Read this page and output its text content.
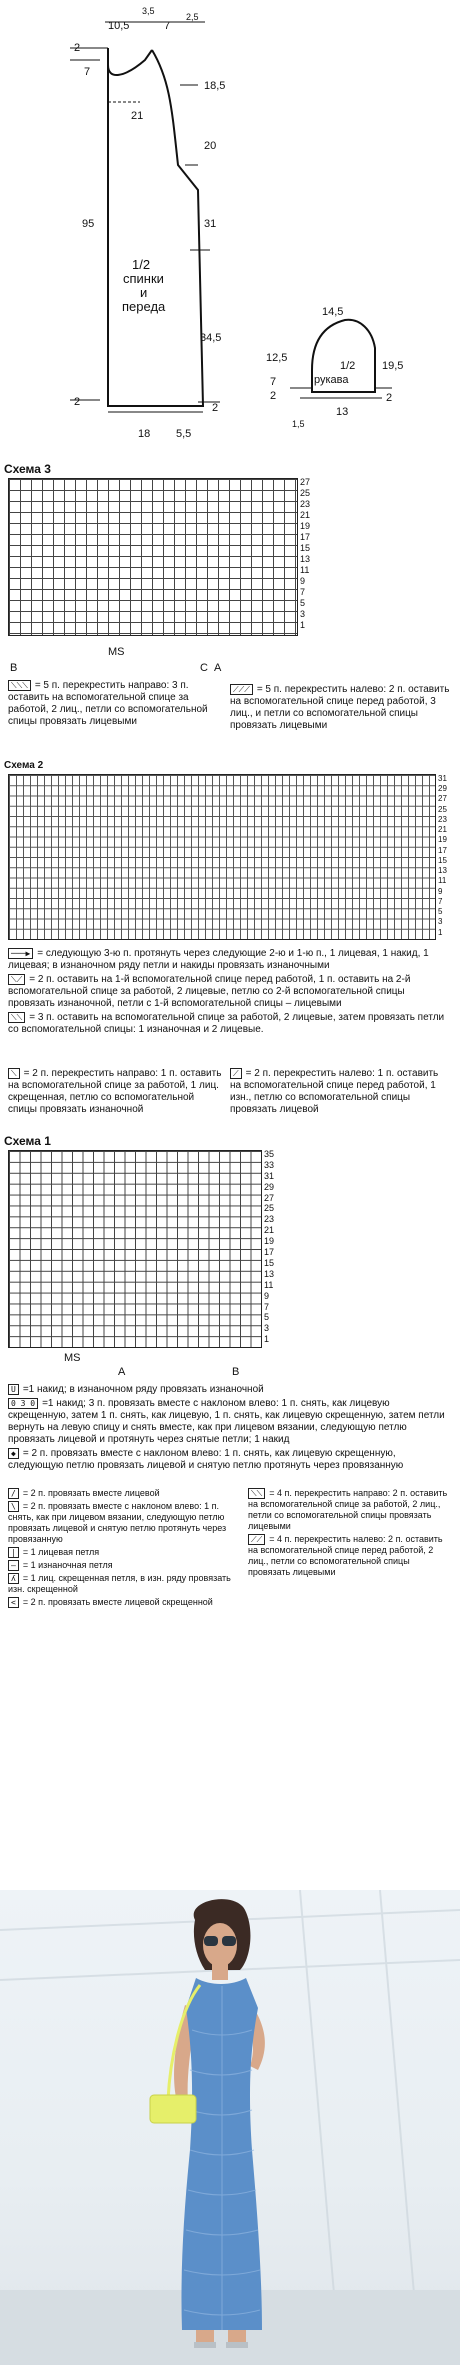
10,5
3,5
7
2,5
2
7
95
2
21
18,5
20
31
34,5
2
1/2
спинки
и
переда
18 5,5
14,5
12,5
7
2
19,5
2
1/2
рукава
1,5
13
Схема 3
27
25
23
21
19
17
15
13
11
9
7
5
3
1
MS
B	C A

⟍⟍⟍ = 5 п. перекрестить направо: 3 п. оставить на вспомогательной спице за работой, 2 лиц., петли со вспомогательной спицы провязать лицевыми

⟋⟋⟋ = 5 п. перекрестить налево: 2 п. оставить на вспомогательной спице перед работой, 3 лиц., и петли со вспомогательной спицы провязать лицевыми

Схема 2
31
29
27
25
23
21
19
17
15
13
11
9
7
5
3
1

───▶ = следующую 3-ю п. протянуть через следующие 2-ю и 1-ю п., 1 лицевая, 1 накид, 1 лицевая; в изнаночном ряду петли и накиды провязать изнаночными

⟍⟋ = 2 п. оставить на 1-й вспомогательной спице перед работой, 1 п. оставить на 2-й вспомогательной спице за работой, 2 лицевые, петлю со 2-й вспомогательной спицы провязать изнаночной, петли с 1-й вспомогательной спицы – лицевыми

⟍⟍ = 3 п. оставить на вспомогательной спице за работой, 2 лицевые, затем провязать петли со вспомогательной спицы: 1 изнаночная и 2 лицевые.

⟍ = 2 п. перекрестить направо: 1 п. оставить на вспомогательной спице за работой, 1 лиц. скрещенная, петлю со вспомогательной спицы провязать изнаночной

⟋ = 2 п. перекрестить налево: 1 п. оставить на вспомогательной спице перед работой, 1 изн., петлю со вспомогательной спицы провязать лицевой

Схема 1
35
33
31
29
27
25
23
21
19
17
15
13
11
9
7
5
3
1
MS
A	B

U =1 накид; в изнаночном ряду провязать изнаночной

0 3 0 =1 накид; 3 п. провязать вместе с наклоном влево: 1 п. снять, как лицевую скрещенную, затем 1 п. снять, как лицевую, 1 п. снять, как лицевую скрещенную, затем петли вернуть на левую спицу и снять вместе, как при лицевом вязании, следующую петлю провязать лицевой и протянуть через снятые петли; 1 накид

◆ = 2 п. провязать вместе с наклоном влево: 1 п. снять, как лицевую скрещенную, следующую петлю провязать лицевой и снятую петлю протянуть через провязанную

/ = 2 п. провязать вместе лицевой

\ = 2 п. провязать вместе с наклоном влево: 1 п. снять, как при лицевом вязании, следующую петлю провязать лицевой и снятую петлю протянуть через провязанную

| = 1 лицевая петля

– = 1 изнаночная петля

ʎ = 1 лиц. скрещенная петля, в изн. ряду провязать изн. скрещенной

< = 2 п. провязать вместе лицевой скрещенной

⟍⟍ = 4 п. перекрестить направо: 2 п. оставить на вспомогательной спице за работой, 2 лиц., петли со вспомогательной спицы провязать лицевыми

⟋⟋ = 4 п. перекрестить налево: 2 п. оставить на вспомогательной спице перед работой, 2 лиц., петли со вспомогательной спицы провязать лицевыми
